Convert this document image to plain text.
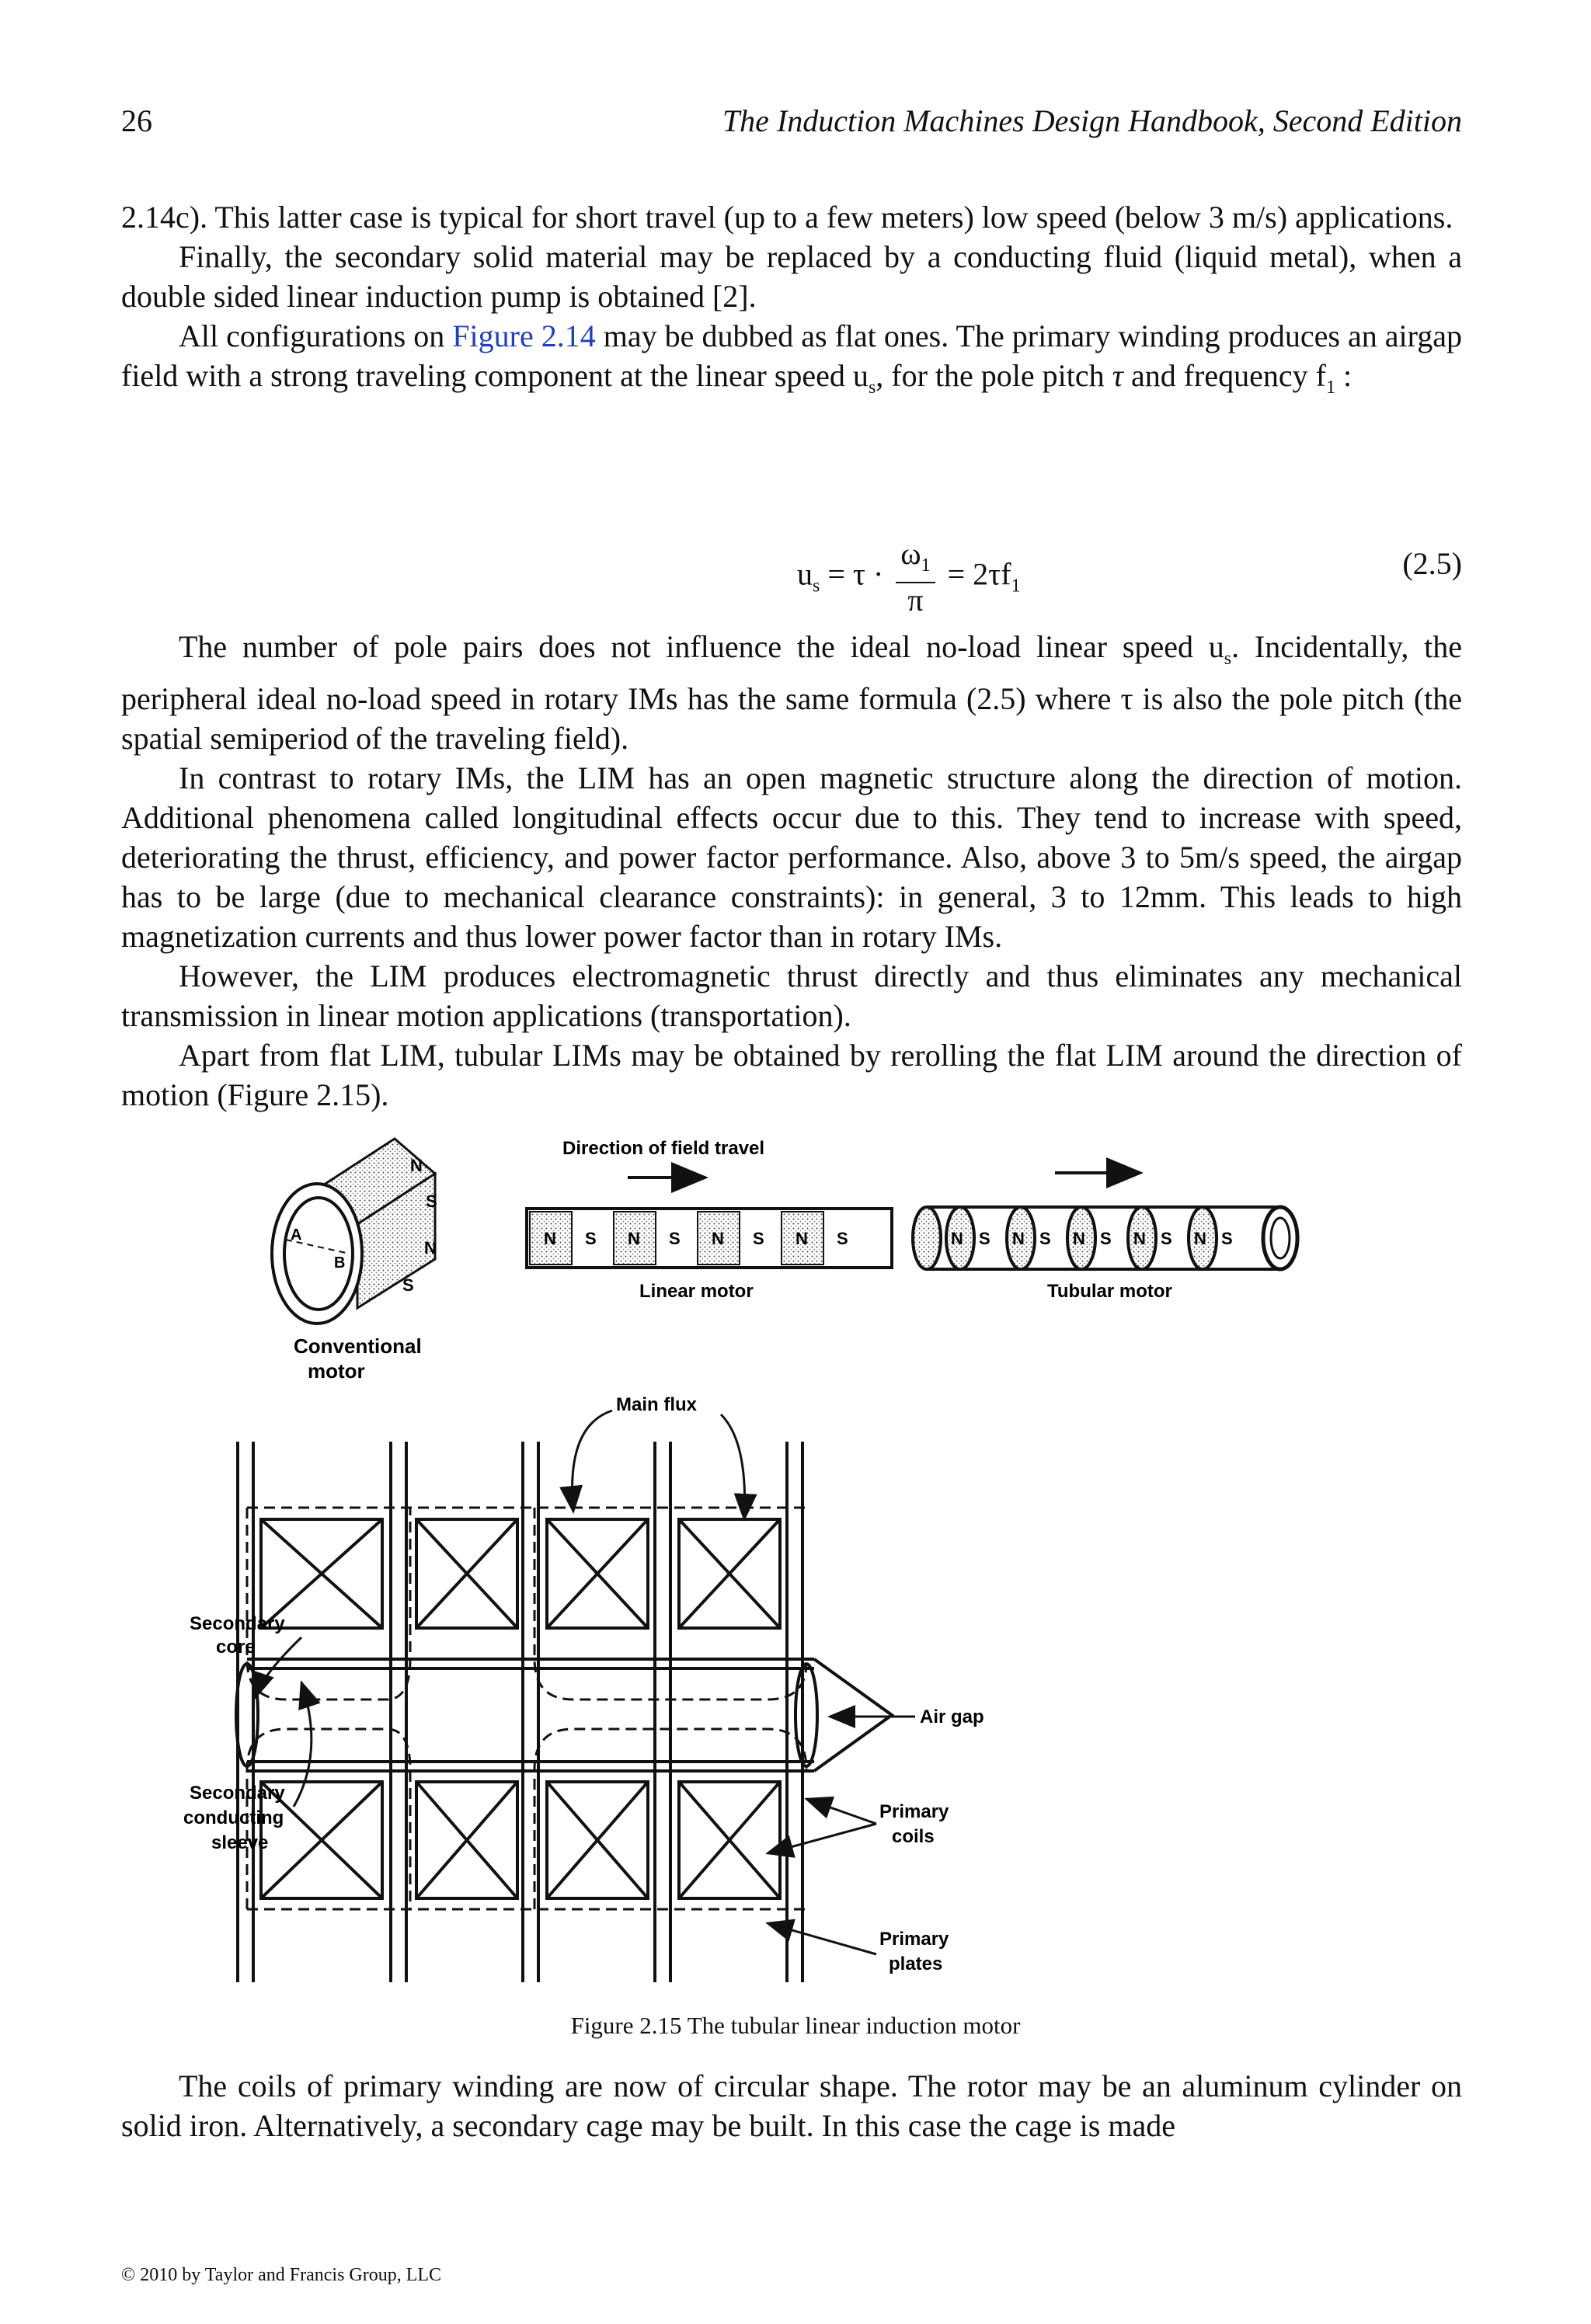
26	The Induction Machines Design Handbook, Second Edition

2.14c). This latter case is typical for short travel (up to a few meters) low speed (below 3 m/s) applications.

Finally, the secondary solid material may be replaced by a conducting fluid (liquid metal), when a double sided linear induction pump is obtained [2].

All configurations on Figure 2.14 may be dubbed as flat ones. The primary winding produces an airgap field with a strong traveling component at the linear speed $u_s$, for the pole pitch τ and frequency $f_1$ :

$u_s = \tau \cdot \frac{\omega_1}{\pi} = 2\tau f_1$
(2.5)

The number of pole pairs does not influence the ideal no-load linear speed $u_s$. Incidentally, the peripheral ideal no-load speed in rotary IMs has the same formula (2.5) where τ is also the pole pitch (the spatial semiperiod of the traveling field).

In contrast to rotary IMs, the LIM has an open magnetic structure along the direction of motion. Additional phenomena called longitudinal effects occur due to this. They tend to increase with speed, deteriorating the thrust, efficiency, and power factor performance. Also, above 3 to 5m/s speed, the airgap has to be large (due to mechanical clearance constraints): in general, 3 to 12mm. This leads to high magnetization currents and thus lower power factor than in rotary IMs.

However, the LIM produces electromagnetic thrust directly and thus eliminates any mechanical transmission in linear motion applications (transportation).

Apart from flat LIM, tubular LIMs may be obtained by rerolling the flat LIM around the direction of motion (Figure 2.15).

A
B
N
S
N
S
Conventional
motor
Direction of field travel
N S N S N S N S
Linear motor
N S N S N S N S N S
Tubular motor
Main flux
Secondary
core
Air gap
Secondary
conducting
sleeve
Primary
coils
Primary
plates
Figure 2.15 The tubular linear induction motor

The coils of primary winding are now of circular shape. The rotor may be an aluminum cylinder on solid iron. Alternatively, a secondary cage may be built. In this case the cage is made

© 2010 by Taylor and Francis Group, LLC
